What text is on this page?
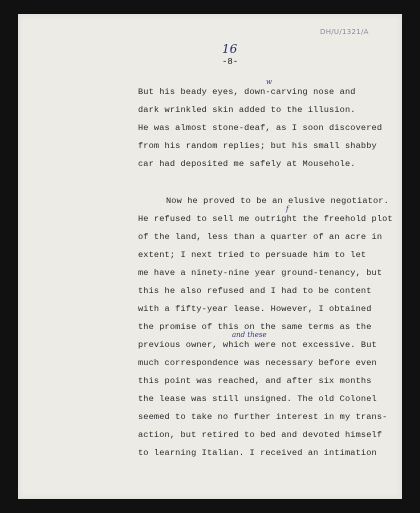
DH/U/1321/A
16
-8-
But his beady eyes, down-carving nose and
dark wrinkled skin added to the illusion.
He was almost stone-deaf, as I soon discovered
from his random replies; but his small shabby
car had deposited me safely at Mousehole.
Now he proved to be an elusive negotiator.
He refused to sell me outright the freehold plot
of the land, less than a quarter of an acre in
extent; I next tried to persuade him to let
me have a ninety-nine year ground-tenancy, but
this he also refused and I had to be content
with a fifty-year lease. However, I obtained
the promise of this on the same terms as the
previous owner, which were not excessive. But
much correspondence was necessary before even
this point was reached, and after six months
the lease was still unsigned. The old Colonel
seemed to take no further interest in my trans-
action, but retired to bed and devoted himself
to learning Italian. I received an intimation
w
f
and these
